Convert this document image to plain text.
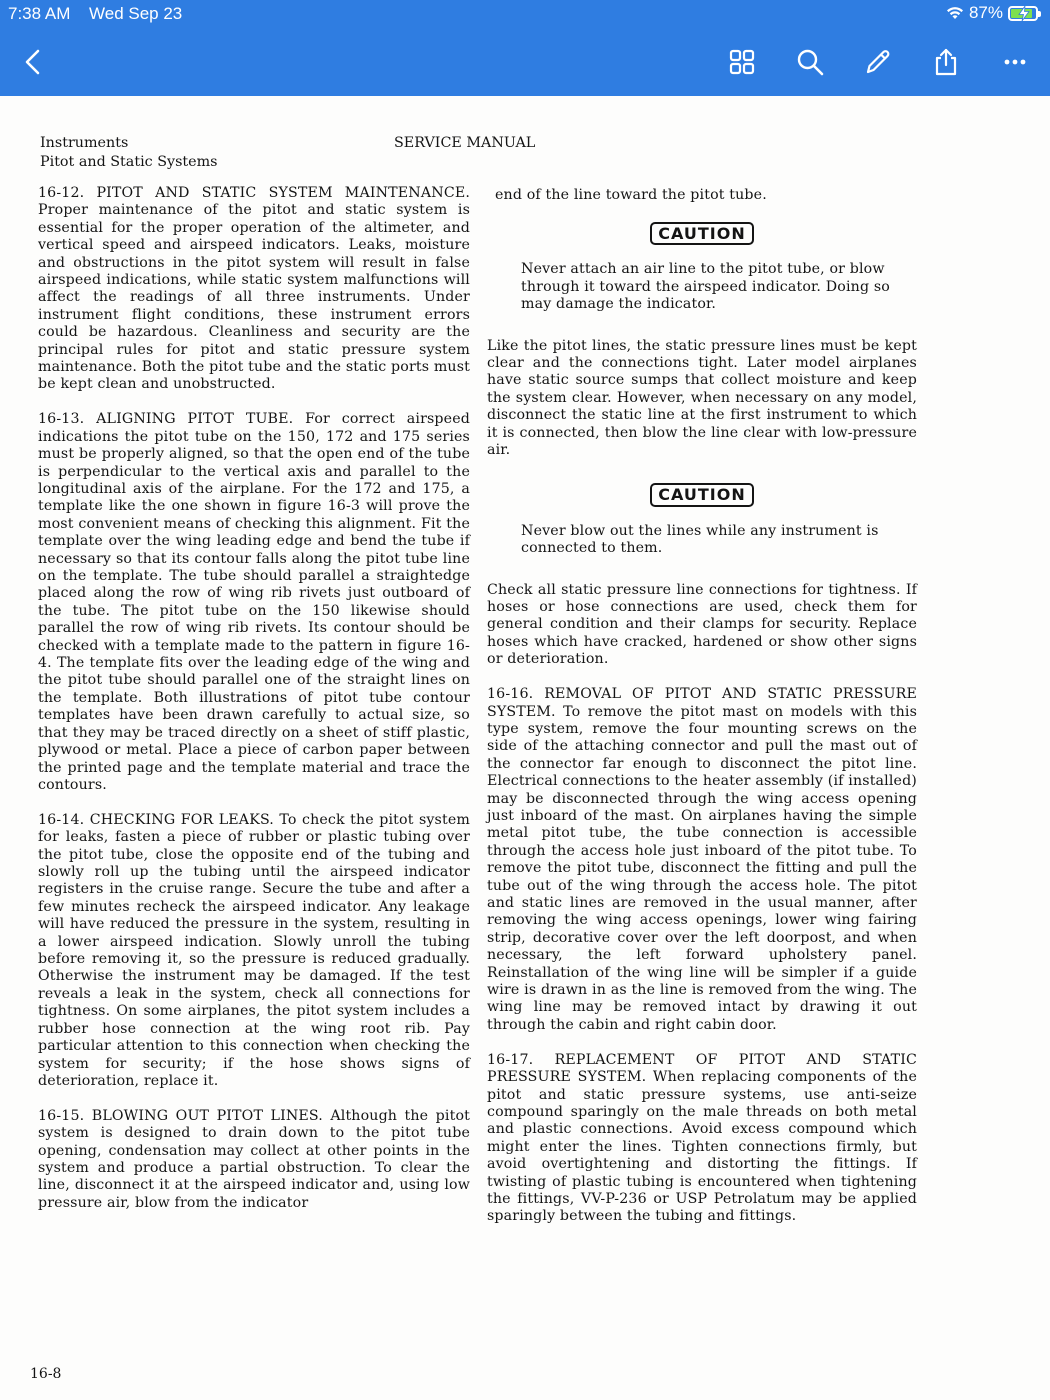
7:38 AM Wed Sep 23	87%
Instruments
Pitot and Static Systems
SERVICE MANUAL

16-12. PITOT AND STATIC SYSTEM MAINTENANCE. Proper maintenance of the pitot and static system is essential for the proper operation of the altimeter, and vertical speed and airspeed indicators. Leaks, moisture and obstructions in the pitot system will result in false airspeed indications, while static system malfunctions will affect the readings of all three instruments. Under instrument flight conditions, these instrument errors could be hazardous. Cleanliness and security are the principal rules for pitot and static pressure system maintenance. Both the pitot tube and the static ports must be kept clean and unobstructed.

16-13. ALIGNING PITOT TUBE. For correct airspeed indications the pitot tube on the 150, 172 and 175 series must be properly aligned, so that the open end of the tube is perpendicular to the vertical axis and parallel to the longitudinal axis of the airplane. For the 172 and 175, a template like the one shown in figure 16-3 will prove the most convenient means of checking this alignment. Fit the template over the wing leading edge and bend the tube if necessary so that its contour falls along the pitot tube line on the template. The tube should parallel a straightedge placed along the row of wing rib rivets just outboard of the tube. The pitot tube on the 150 likewise should parallel the row of wing rib rivets. Its contour should be checked with a template made to the pattern in figure 16-4. The template fits over the leading edge of the wing and the pitot tube should parallel one of the straight lines on the template. Both illustrations of pitot tube contour templates have been drawn carefully to actual size, so that they may be traced directly on a sheet of stiff plastic, plywood or metal. Place a piece of carbon paper between the printed page and the template material and trace the contours.

16-14. CHECKING FOR LEAKS. To check the pitot system for leaks, fasten a piece of rubber or plastic tubing over the pitot tube, close the opposite end of the tubing and slowly roll up the tubing until the airspeed indicator registers in the cruise range. Secure the tube and after a few minutes recheck the airspeed indicator. Any leakage will have reduced the pressure in the system, resulting in a lower airspeed indication. Slowly unroll the tubing before removing it, so the pressure is reduced gradually. Otherwise the instrument may be damaged. If the test reveals a leak in the system, check all connections for tightness. On some airplanes, the pitot system includes a rubber hose connection at the wing root rib. Pay particular attention to this connection when checking the system for security; if the hose shows signs of deterioration, replace it.

16-15. BLOWING OUT PITOT LINES. Although the pitot system is designed to drain down to the pitot tube opening, condensation may collect at other points in the system and produce a partial obstruction. To clear the line, disconnect it at the airspeed indicator and, using low pressure air, blow from the indicator

end of the line toward the pitot tube.

CAUTION

Never attach an air line to the pitot tube, or blow through it toward the airspeed indicator. Doing so may damage the indicator.

Like the pitot lines, the static pressure lines must be kept clear and the connections tight. Later model airplanes have static source sumps that collect moisture and keep the system clear. However, when necessary on any model, disconnect the static line at the first instrument to which it is connected, then blow the line clear with low-pressure air.

CAUTION

Never blow out the lines while any instrument is connected to them.

Check all static pressure line connections for tightness. If hoses or hose connections are used, check them for general condition and their clamps for security. Replace hoses which have cracked, hardened or show other signs or deterioration.

16-16. REMOVAL OF PITOT AND STATIC PRESSURE SYSTEM. To remove the pitot mast on models with this type system, remove the four mounting screws on the side of the attaching connector and pull the mast out of the connector far enough to disconnect the pitot line. Electrical connections to the heater assembly (if installed) may be disconnected through the wing access opening just inboard of the mast. On airplanes having the simple metal pitot tube, the tube connection is accessible through the access hole just inboard of the pitot tube. To remove the pitot tube, disconnect the fitting and pull the tube out of the wing through the access hole. The pitot and static lines are removed in the usual manner, after removing the wing access openings, lower wing fairing strip, decorative cover over the left doorpost, and when necessary, the left forward upholstery panel. Reinstallation of the wing line will be simpler if a guide wire is drawn in as the line is removed from the wing. The wing line may be removed intact by drawing it out through the cabin and right cabin door.

16-17. REPLACEMENT OF PITOT AND STATIC PRESSURE SYSTEM. When replacing components of the pitot and static pressure systems, use anti-seize compound sparingly on the male threads on both metal and plastic connections. Avoid excess compound which might enter the lines. Tighten connections firmly, but avoid overtightening and distorting the fittings. If twisting of plastic tubing is encountered when tightening the fittings, VV-P-236 or USP Petrolatum may be applied sparingly between the tubing and fittings.

16-8
